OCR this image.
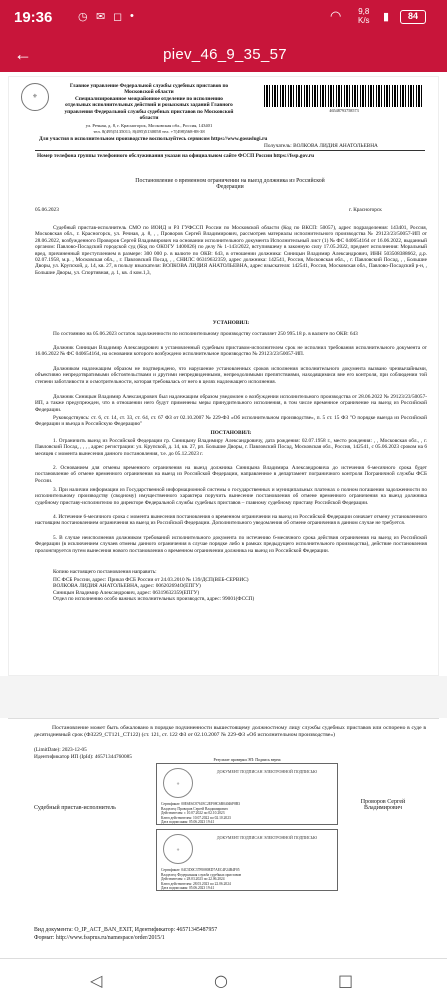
19:36 ◷ ✉ ◻ •	◠ 9,8
K/s ▮	84
←	piev_46_9_35_57
⚜
Главное управление Федеральной службы судебных приставов по
Московской области
Специализированное межрайонное отделение по исполнению
отдельных исполнительных действий и розыскных заданий Главного
управления Федеральной службы судебных приставов по Московской
области
ул. Речная, д. 8, г. Красногорск, Московская обл., Россия, 143401
тел. 8(495)5135011; 8(495)5130058 тел. +7(498)568-88-38
Для участия в исполнительном производстве воспользуйтесь сервисом https://www.gosuslugi.ru
46548793758573
Получатель: ВОЛКОВА ЛИДИЯ АНАТОЛЬЕВНА
Номер телефона группы телефонного обслуживания указан на официальном сайте ФССП России https://fssp.gov.ru
Постановление о временном ограничении на выезд должника из Российской
Федерации
05.06.2023	г. Красногорск
Судебный пристав-исполнитель СМО по ИОИД и РЗ ГУФССП России по Московской области (Код по ВКСП: 50057), адрес подразделения: 143401, Россия, Московская обл., г. Красногорск, ул. Речная, д. 8, , , Проворов Сергей Владимирович, рассмотрев материалы исполнительного производства № 29123/23/50057-ИП от 28.06.2022, возбужденного Проворов Сергей Владимирович на основании исполнительного документа Исполнительный лист (1) № ФС 040654164 от 16.06.2022, выданный органом: Павлово-Посадский городской суд (Код по ОКОГУ 1400026) по делу № 1-143/2022, вступившему в законную силу 17.05.2022, предмет исполнения: Моральный вред, причиненный преступлением в размере: 300 000 р. в валюте по ОКВ: 643, в отношении должника: Синицын Владимир Александрович, ИНН 503508388662, д.р. 02.07.1958, м.р. , Московская обл., , г. Павловский Посад, , , СНИЛС 06319632359, адрес должника: 142541, Россия, Московская обл., , г. Павловский Посад, , , Большие Дворы, ул. Крупской, д. 14, кв. 27, в пользу взыскателя: ВОЛКОВА ЛИДИЯ АНАТОЛЬЕВНА, адрес взыскателя: 142541, Россия, Московская обл., Павлово-Посадский р-н, , Большие Дворы, ул. Спортивная, д. 1, кв. 4 ком.1,3,
УСТАНОВИЛ:
По состоянию на 05.06.2023 остаток задолженности по исполнительному производству составляет 250 995.18 р. в валюте по ОКВ: 643
Должник Синицын Владимир Александрович в установленный судебным приставом-исполнителем срок не исполнил требования исполнительного документа от 16.06.2022 № ФС 040654164, на основании которого возбуждено исполнительное производство № 29123/23/50057-ИП.
Должником надлежащим образом не подтверждено, что нарушение установленных сроков исполнения исполнительного документа вызвано чрезвычайными, объективно непредотвратимыми обстоятельствами и другими непредвиденными, непреодолимыми препятствиями, находящимися вне его контроля, при соблюдении той степени заботливости и осмотрительности, которая требовалась от него в целях надлежащего исполнения.
Должник Синицын Владимир Александрович был надлежащим образом уведомлен о возбуждении исполнительного производства от 28.06.2022 № 29123/23/50057-ИП, а также предупрежден, что в отношении него будут применены меры принудительного исполнения, в том числе временное ограничение на выезд из Российской Федерации.
Руководствуясь: ст. 6, ст. 14, ст. 33, ст. 64, ст. 67 ФЗ от 02.10.2007 № 229-ФЗ «Об исполнительном производстве», п. 5 ст. 15 ФЗ "О порядке выезда из Российской Федерации и въезда в Российскую Федерацию"
ПОСТАНОВИЛ:
1. Ограничить выезд из Российской Федерации гр. Синицыну Владимиру Александровичу, дата рождения: 02.07.1958 г., место рождения: , , Московская обл., , г. Павловский Посад, , , , , адрес регистрации: ул. Крупской, д. 14, кв. 27, рп. Большие Дворы, г. Павловский Посад, Московская обл., Россия, 142541, с 05.06.2023 сроком на 6 месяцев с момента вынесения данного постановления, т.е. до 05.12.2023 г.
2. Основанием для отмены временного ограничения на выезд должника Синицына Владимира Александровича до истечения 6-месячного срока будет постановление об отмене временного ограничения на выезд из Российской Федерации, направленное в департамент пограничного контроля Пограничной службы ФСБ России.
3. При наличии информации из Государственной информационной системы о государственных и муниципальных платежах о полном погашении задолженности по исполнительному производству (сводному) имущественного характера поручить вынесение постановления об отмене временного ограничения на выезд должника судебному приставу-исполнителю по директоре Федеральной службы судебных приставов – главному судебному приставу Российской Федерации.
4. Истечение 6-месячного срока с момента вынесения постановления о временном ограничении на выезд из Российской Федерации означает отмену установленного настоящим постановлением ограничения на выезд из Российской Федерации. Дополнительного уведомления об отмене ограничения в данном случае не требуется.
5. В случае неисполнения должником требований исполнительного документа по истечению 6-месячного срока действия ограничения на выезд из Российской Федерации (в исключением случаев отмены данного ограничения в случае порядке либо в рамках предыдущего исполнительного производства), действие постановления пролонгируется путем вынесения нового постановления о временном ограничении должника на выезд из Российской Федерации.
Копию настоящего постановления направить:
ПС ФСБ России, адрес: Приказ ФСБ России от 24.03.2010 № 139/ДСП(ВЕБ-СЕРВИС)
ВОЛКОВА ЛИДИЯ АНАТОЛЬЕВНА, адрес: 006202694О(ЕПГУ)
Синицын Владимир Александрович, адрес: 06319632359(ЕПГУ)
Отдел по исполнению особо важных исполнительных производств, адрес: 99001(ФССП)
Постановление может быть обжаловано в порядке подчиненности вышестоящему должностному лицу службы судебных приставов или оспорено в суде в десятидневный срок (ФЗ229_СТ121_СТ122) (ст. 121, ст. 122 ФЗ от 02.10.2007 № 229-ФЗ «Об исполнительном производстве»)
(LimitDate): 2023-12-05
Идентификатор ИП (IpId): 46571344760085	Результат проверки ЭП: Подпись верна
⚜
ДОКУМЕНТ ПОДПИСАН ЭЛЕКТРОННОЙ ПОДПИСЬЮ
Сертификат: 00E6E6C8761EC2EF08C6B04046F8B3
Владелец: Проворов Сергей Владимирович
Действителен: с 10.07.2022 по 02.10.2023
Ключ действителен: 10.07.2022 по 02.10.2023
Дата подписания: 05.06.2023 19:41
Судебный пристав-исполнитель
Проворов Сергей
Владимирович
⚜
ДОКУМЕНТ ПОДПИСАН ЭЛЕКТРОННОЙ ПОДПИСЬЮ
Сертификат: 04C5D0C37F0080ED7AEC4F24B4F05
Владелец: Федеральная служба судебных приставов
Действителен: с 28.03.2023 по 22.06.2024
Ключ действителен: 28.03.2023 по 22.06.2024
Дата подписания: 05.06.2023 19:41
Вид документа: O_IP_ACT_BAN_EXIT, Идентификатор: 46571345487957
Формат: http://www.fssprus.ru/namespace/order/2015/1
◁	○	□
